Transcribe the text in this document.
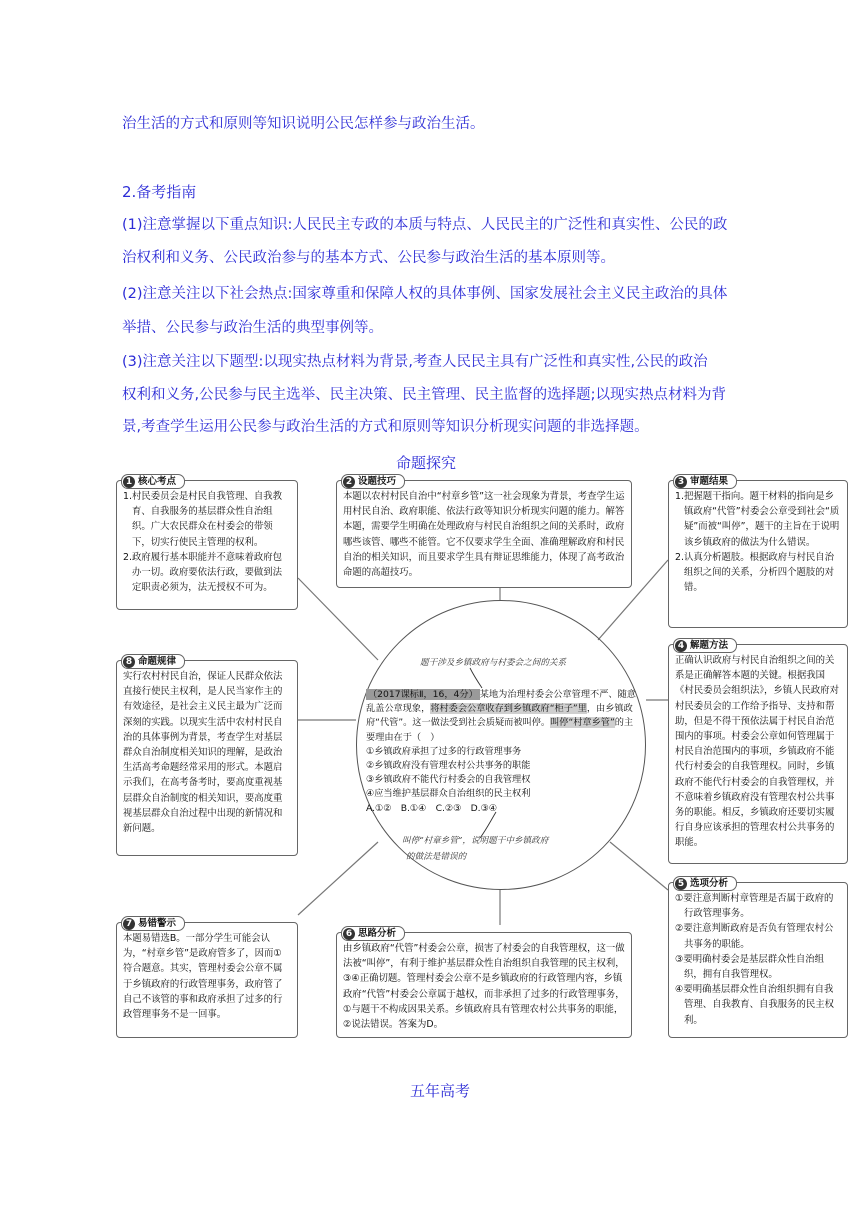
治生活的方式和原则等知识说明公民怎样参与政治生活。
2.备考指南
(1)注意掌握以下重点知识:人民民主专政的本质与特点、人民民主的广泛性和真实性、公民的政
治权利和义务、公民政治参与的基本方式、公民参与政治生活的基本原则等。
(2)注意关注以下社会热点:国家尊重和保障人权的具体事例、国家发展社会主义民主政治的具体
举措、公民参与政治生活的典型事例等。
(3)注意关注以下题型:以现实热点材料为背景,考查人民民主具有广泛性和真实性,公民的政治
权利和义务,公民参与民主选举、民主决策、民主管理、民主监督的选择题;以现实热点材料为背
景,考查学生运用公民参与政治生活的方式和原则等知识分析现实问题的非选择题。
命题探究
1 核心考点

1.村民委员会是村民自我管理、自我教育、自我服务的基层群众性自治组织。广大农民群众在村委会的带领下，切实行使民主管理的权利。

2.政府履行基本职能并不意味着政府包办一切。政府要依法行政，要做到法定职责必须为，法无授权不可为。

2 设题技巧

本题以农村村民自治中“村章乡管”这一社会现象为背景，考查学生运用村民自治、政府职能、依法行政等知识分析现实问题的能力。解答本题，需要学生明确在处理政府与村民自治组织之间的关系时，政府哪些该管、哪些不能管。它不仅要求学生全面、准确理解政府和村民自治的相关知识，而且要求学生具有辩证思维能力，体现了高考政治命题的高超技巧。

3 审题结果

1.把握题干指向。题干材料的指向是乡镇政府“代管”村委会公章受到社会“质疑”而被“叫停”，题干的主旨在于说明该乡镇政府的做法为什么错误。

2.认真分析题肢。根据政府与村民自治组织之间的关系，分析四个题肢的对错。

8 命题规律

实行农村村民自治，保证人民群众依法直接行使民主权利，是人民当家作主的有效途径，是社会主义民主最为广泛而深刻的实践。以现实生活中农村村民自治的具体事例为背景，考查学生对基层群众自治制度相关知识的理解，是政治生活高考命题经常采用的形式。本题启示我们，在高考备考时，要高度重视基层群众自治制度的相关知识，要高度重视基层群众自治过程中出现的新情况和新问题。

4 解题方法

正确认识政府与村民自治组织之间的关系是正确解答本题的关键。根据我国《村民委员会组织法》，乡镇人民政府对村民委员会的工作给予指导、支持和帮助，但是不得干预依法属于村民自治范围内的事项。村委会公章如何管理属于村民自治范围内的事项，乡镇政府不能代行村委会的自我管理权。同时，乡镇政府不能代行村委会的自我管理权，并不意味着乡镇政府没有管理农村公共事务的职能。相反，乡镇政府还要切实履行自身应该承担的管理农村公共事务的职能。

题干涉及乡镇政府与村委会之间的关系

（2017课标Ⅱ，16，4分） 某地为治理村委会公章管理不严、随意乱盖公章现象，将村委会公章收存到乡镇政府“柜子”里，由乡镇政府“代管”。这一做法受到社会质疑而被叫停。叫停“村章乡管”的主要理由在于（　）

①乡镇政府承担了过多的行政管理事务

②乡镇政府没有管理农村公共事务的职能

③乡镇政府不能代行村委会的自我管理权

④应当维护基层群众自治组织的民主权利

A.①②　B.①④　C.②③　D.③④

叫停“村章乡管”，说明题干中乡镇政府
的做法是错误的
5 选项分析

①要注意判断村章管理是否属于政府的行政管理事务。

②要注意判断政府是否负有管理农村公共事务的职能。

③要明确村委会是基层群众性自治组织，拥有自我管理权。

④要明确基层群众性自治组织拥有自我管理、自我教育、自我服务的民主权利。

7 易错警示

本题易错选B。一部分学生可能会认为，“村章乡管”是政府管多了，因而①符合题意。其实，管理村委会公章不属于乡镇政府的行政管理事务，政府管了自己不该管的事和政府承担了过多的行政管理事务不是一回事。

6 思路分析

由乡镇政府“代管”村委会公章，损害了村委会的自我管理权，这一做法被“叫停”，有利于维护基层群众性自治组织自我管理的民主权利，③④正确切题。管理村委会公章不是乡镇政府的行政管理内容，乡镇政府“代管”村委会公章属于越权，而非承担了过多的行政管理事务，①与题干不构成因果关系。乡镇政府具有管理农村公共事务的职能，②说法错误。答案为D。

五年高考
